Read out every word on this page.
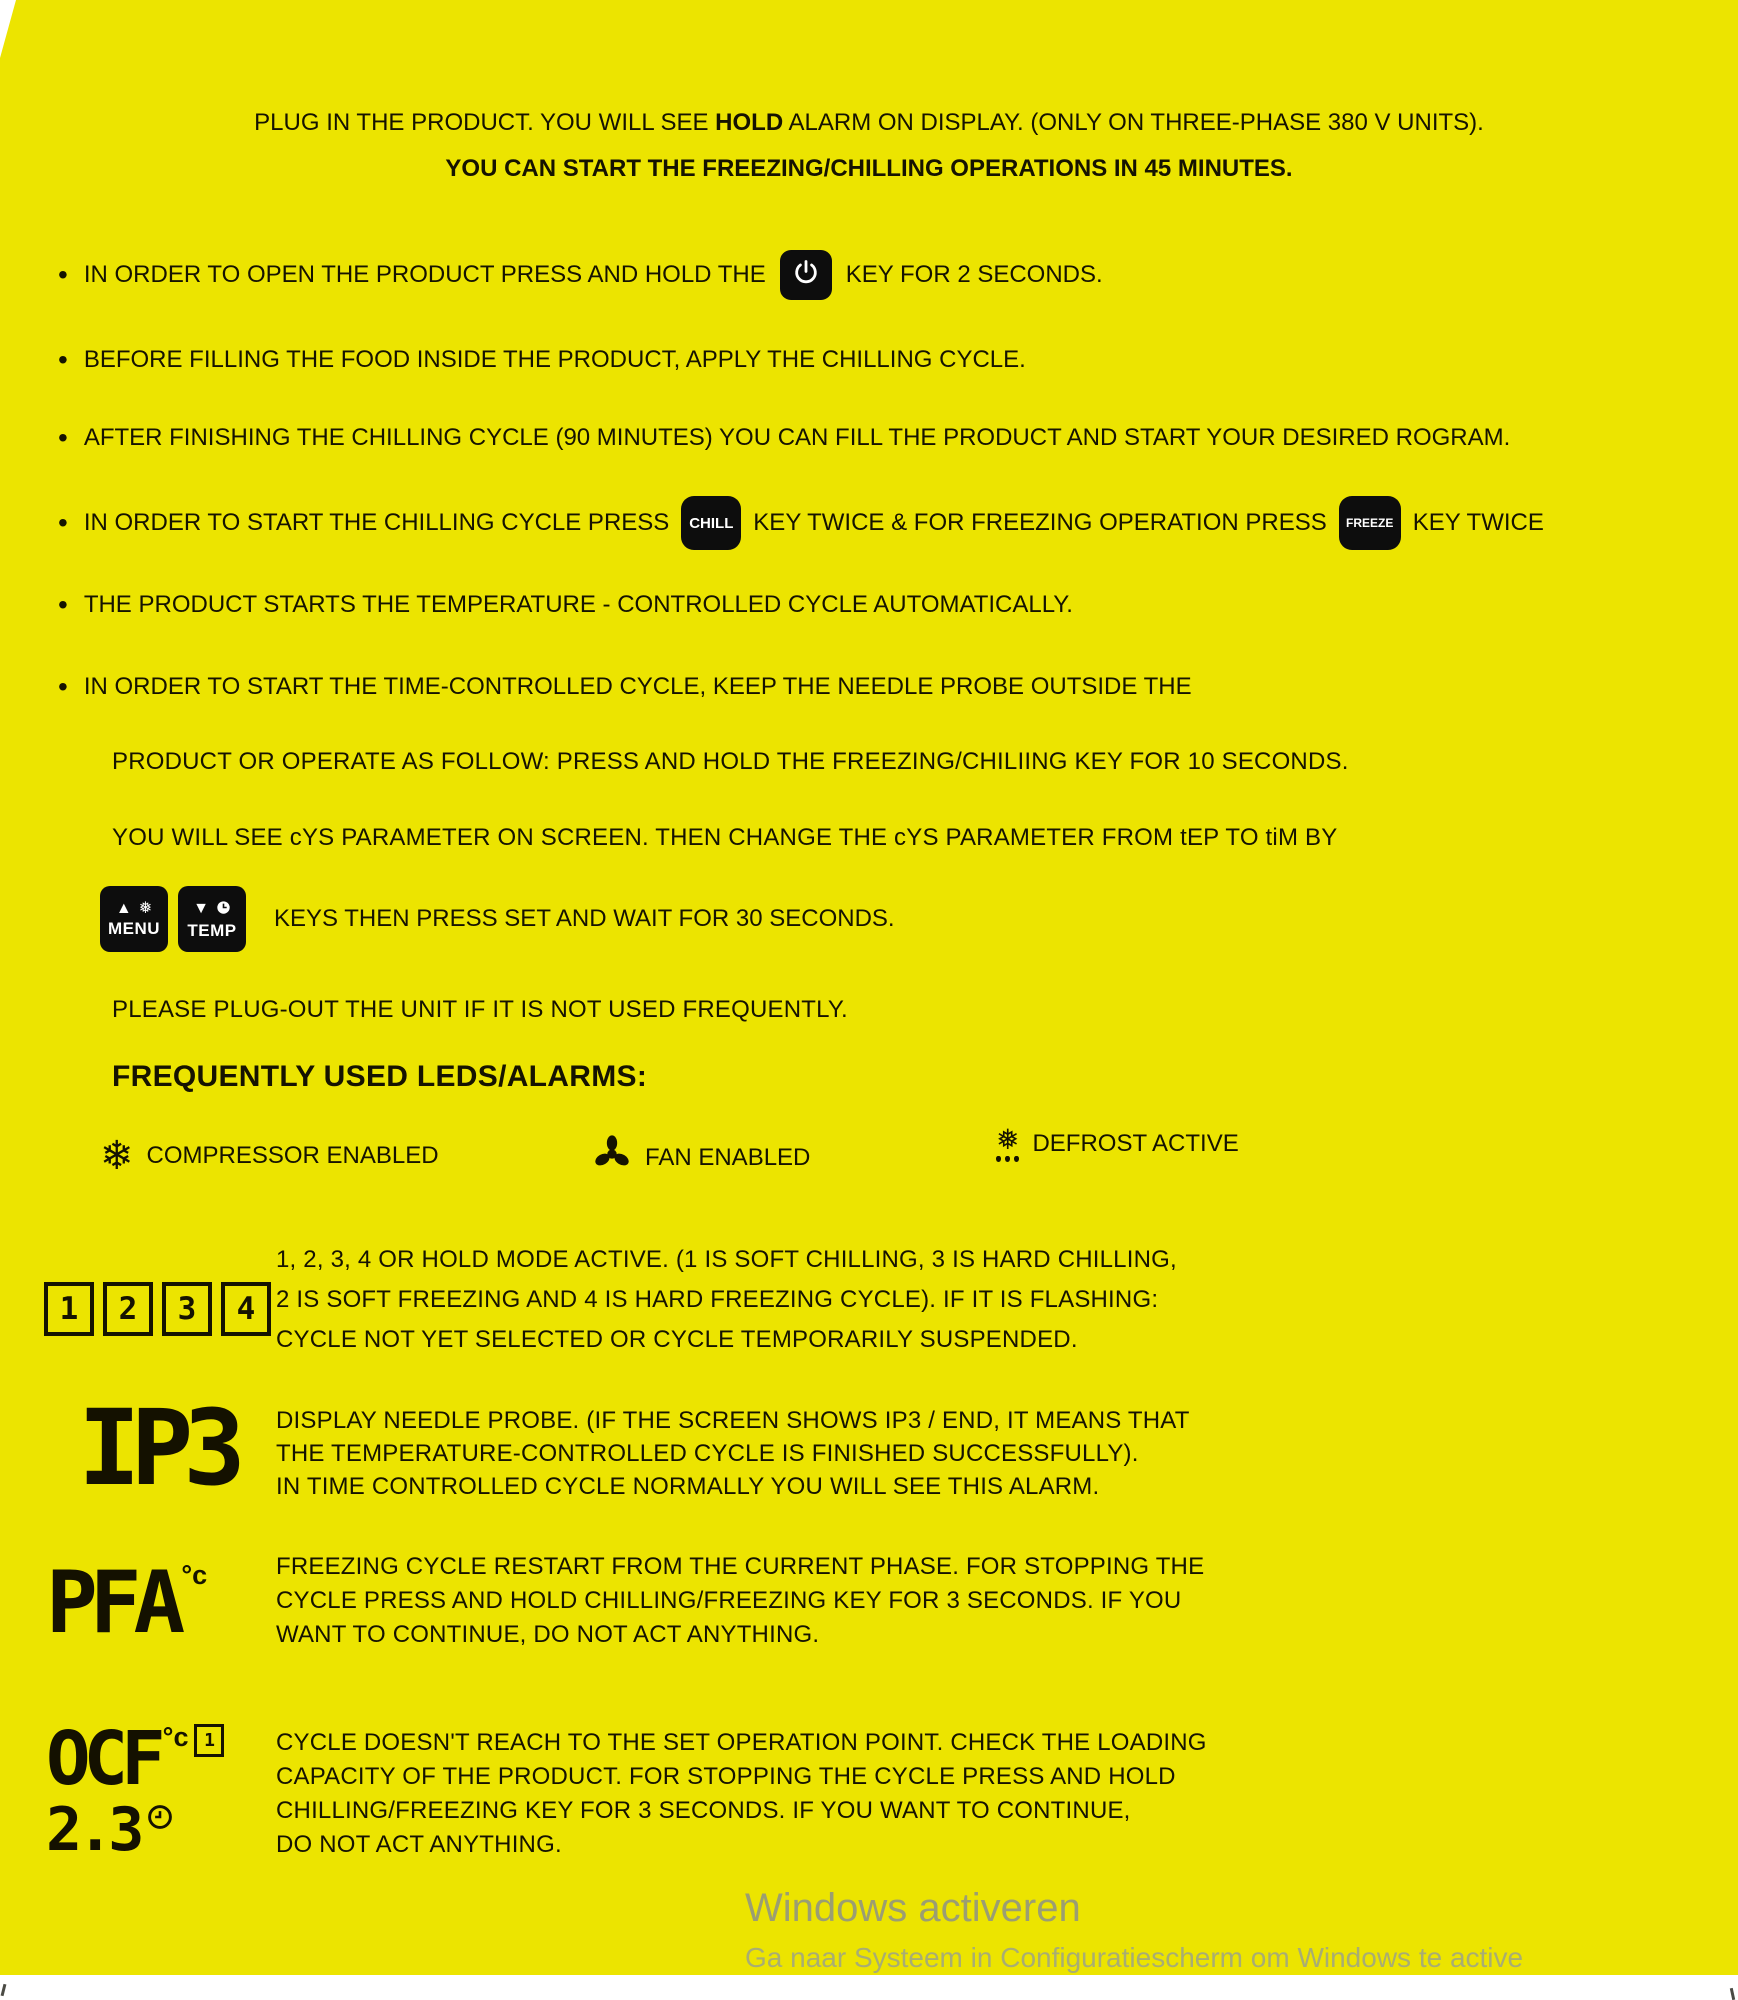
PLUG IN THE PRODUCT. YOU WILL SEE HOLD ALARM ON DISPLAY. (ONLY ON THREE-PHASE 380 V UNITS).
YOU CAN START THE FREEZING/CHILLING OPERATIONS IN 45 MINUTES.
• IN ORDER TO OPEN THE PRODUCT PRESS AND HOLD THE	KEY FOR 2 SECONDS.
• BEFORE FILLING THE FOOD INSIDE THE PRODUCT, APPLY THE CHILLING CYCLE.
• AFTER FINISHING THE CHILLING CYCLE (90 MINUTES) YOU CAN FILL THE PRODUCT AND START YOUR DESIRED ROGRAM.
• IN ORDER TO START THE CHILLING CYCLE PRESS CHILL KEY TWICE & FOR FREEZING OPERATION PRESS FREEZE KEY TWICE
• THE PRODUCT STARTS THE TEMPERATURE - CONTROLLED CYCLE AUTOMATICALLY.
• IN ORDER TO START THE TIME-CONTROLLED CYCLE, KEEP THE NEEDLE PROBE OUTSIDE THE
PRODUCT OR OPERATE AS FOLLOW: PRESS AND HOLD THE FREEZING/CHILIING KEY FOR 10 SECONDS.
YOU WILL SEE cYS PARAMETER ON SCREEN. THEN CHANGE THE cYS PARAMETER FROM tEP TO tiM BY
▲ ❅
MENU
▼
TEMP KEYS THEN PRESS SET AND WAIT FOR 30 SECONDS.
PLEASE PLUG-OUT THE UNIT IF IT IS NOT USED FREQUENTLY.
FREQUENTLY USED LEDS/ALARMS:
❄ COMPRESSOR ENABLED	FAN ENABLED
❅ DEFROST ACTIVE
1	2	3	4
1, 2, 3, 4 OR HOLD MODE ACTIVE. (1 IS SOFT CHILLING, 3 IS HARD CHILLING,
2 IS SOFT FREEZING AND 4 IS HARD FREEZING CYCLE). IF IT IS FLASHING:
CYCLE NOT YET SELECTED OR CYCLE TEMPORARILY SUSPENDED.
IP3 DISPLAY NEEDLE PROBE. (IF THE SCREEN SHOWS IP3 / END, IT MEANS THAT
THE TEMPERATURE-CONTROLLED CYCLE IS FINISHED SUCCESSFULLY).
IN TIME CONTROLLED CYCLE NORMALLY YOU WILL SEE THIS ALARM.
PFA °c	FREEZING CYCLE RESTART FROM THE CURRENT PHASE. FOR STOPPING THE
CYCLE PRESS AND HOLD CHILLING/FREEZING KEY FOR 3 SECONDS. IF YOU
WANT TO CONTINUE, DO NOT ACT ANYTHING.
OCF °c 1
2.3
CYCLE DOESN'T REACH TO THE SET OPERATION POINT. CHECK THE LOADING
CAPACITY OF THE PRODUCT. FOR STOPPING THE CYCLE PRESS AND HOLD
CHILLING/FREEZING KEY FOR 3 SECONDS. IF YOU WANT TO CONTINUE,
DO NOT ACT ANYTHING.
Windows activeren
Ga naar Systeem in Configuratiescherm om Windows te active
